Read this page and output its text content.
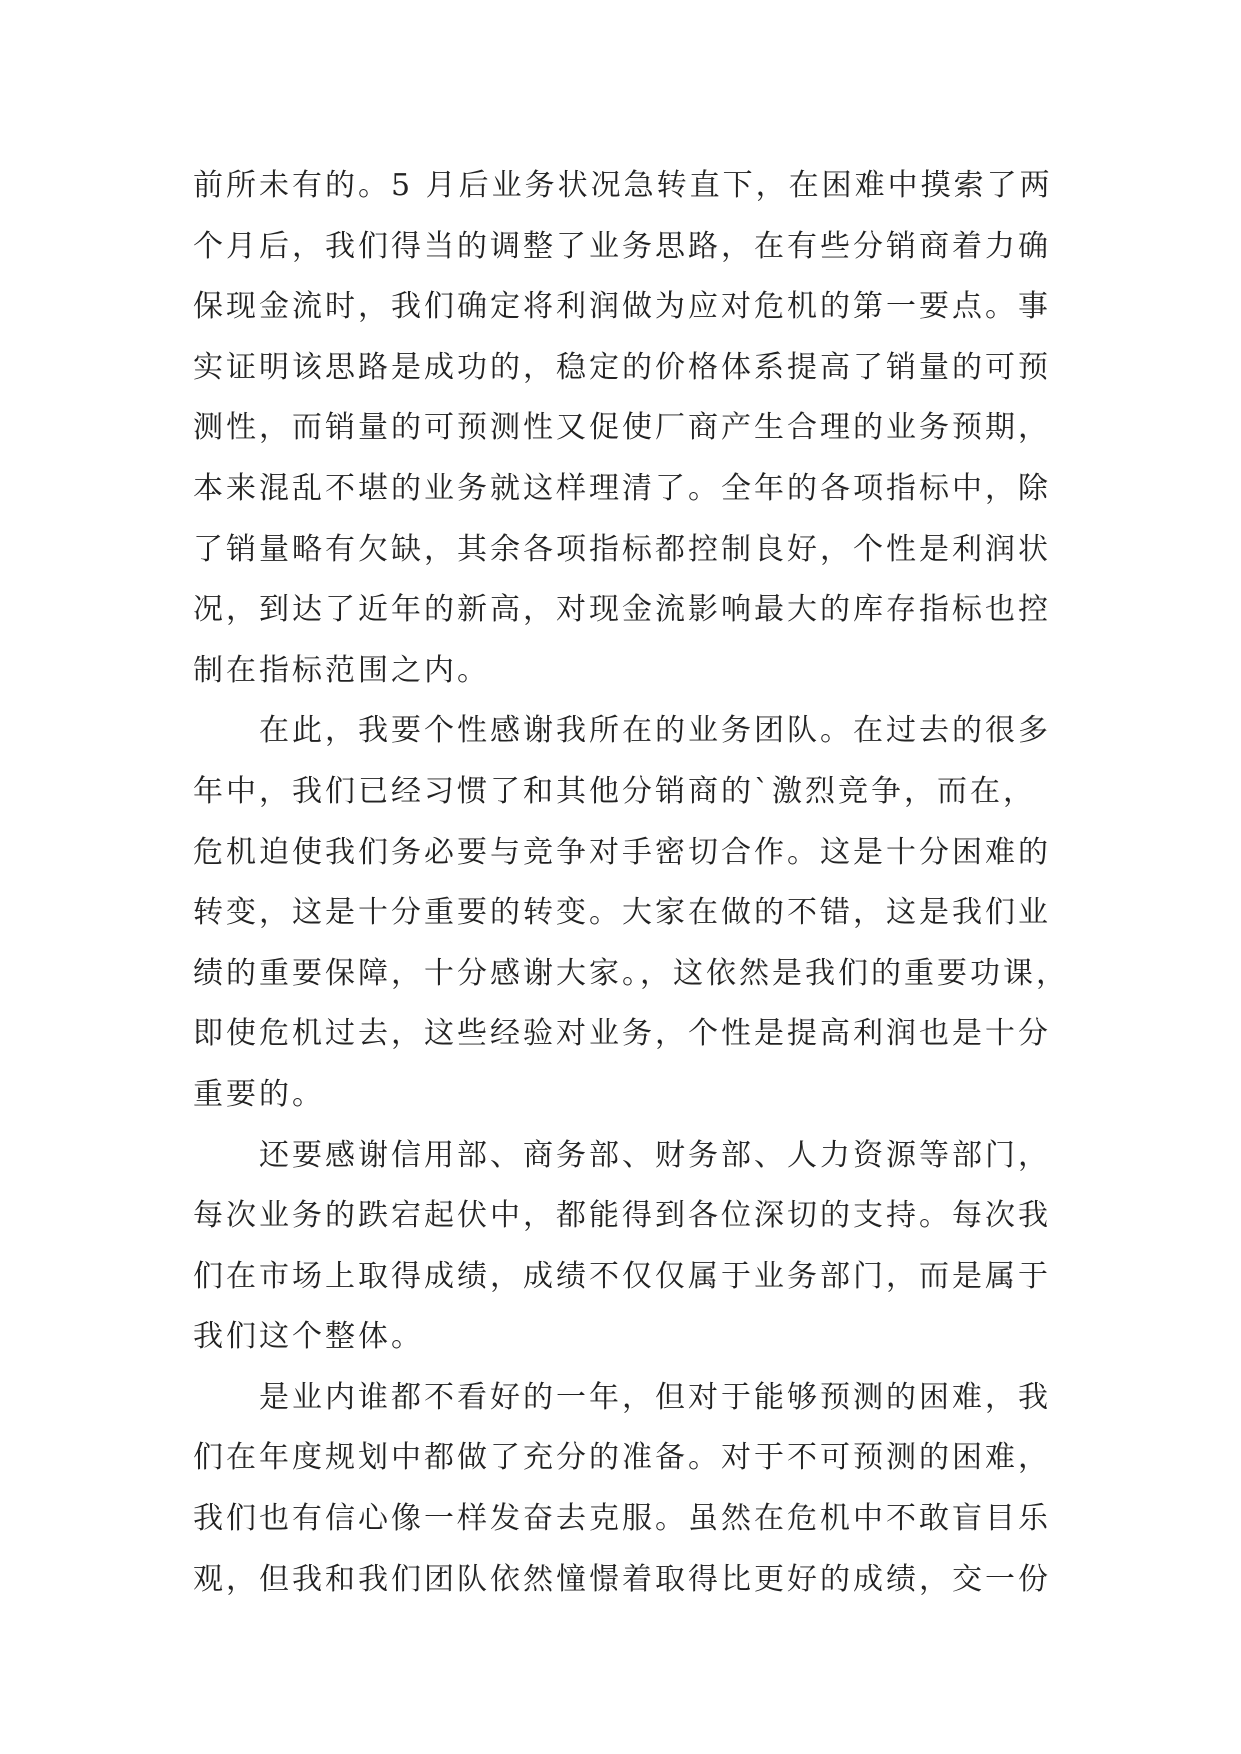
前所未有的。5 月后业务状况急转直下，在困难中摸索了两
个月后，我们得当的调整了业务思路，在有些分销商着力确
保现金流时，我们确定将利润做为应对危机的第一要点。事
实证明该思路是成功的，稳定的价格体系提高了销量的可预
测性，而销量的可预测性又促使厂商产生合理的业务预期，
本来混乱不堪的业务就这样理清了。全年的各项指标中，除
了销量略有欠缺，其余各项指标都控制良好，个性是利润状
况，到达了近年的新高，对现金流影响最大的库存指标也控
制在指标范围之内。
在此，我要个性感谢我所在的业务团队。在过去的很多
年中，我们已经习惯了和其他分销商的`激烈竞争，而在，
危机迫使我们务必要与竞争对手密切合作。这是十分困难的
转变，这是十分重要的转变。大家在做的不错，这是我们业
绩的重要保障，十分感谢大家。，这依然是我们的重要功课，
即使危机过去，这些经验对业务，个性是提高利润也是十分
重要的。
还要感谢信用部、商务部、财务部、人力资源等部门，
每次业务的跌宕起伏中，都能得到各位深切的支持。每次我
们在市场上取得成绩，成绩不仅仅属于业务部门，而是属于
我们这个整体。
是业内谁都不看好的一年，但对于能够预测的困难，我
们在年度规划中都做了充分的准备。对于不可预测的困难，
我们也有信心像一样发奋去克服。虽然在危机中不敢盲目乐
观，但我和我们团队依然憧憬着取得比更好的成绩，交一份
